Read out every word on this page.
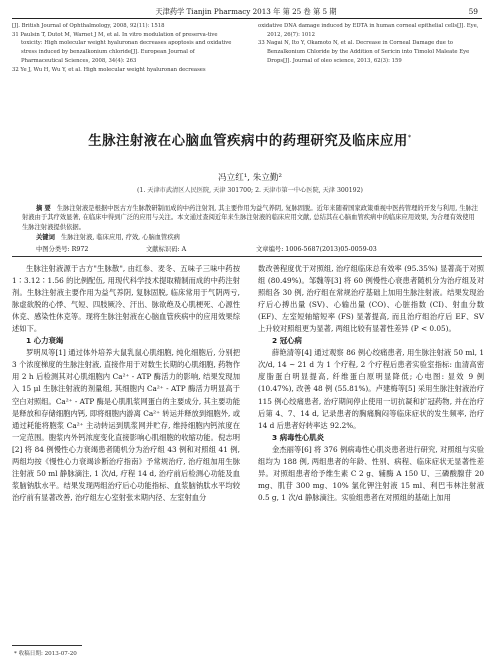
天津药学 Tianjin Pharmacy 2013 年 第 25 卷 第 5 期	59

[J]. British Journal of Ophthalmology, 2008, 92(11): 1518

31 Paulsin T, Dutot M, Warnet J M, et al. In vitro modulation of preserva-tive toxicity: High molecular weight hyaluronan decreases apoptosis and oxidative stress induced by benzalkonium chloride[J]. European Journal of Pharmaceutical Sciences, 2008, 34(4): 263

32 Ye J, Wu H, Wu Y, et al. High molecular weight hyaluronan decreases

oxidative DNA damage induced by EDTA in human corneal epithelial cells[J]. Eye, 2012, 26(7): 1012

33 Nagai N, Ito Y, Okamoto N, et al. Decrease in Corneal Damage due to Benzalkonium Chloride by the Addition of Sericin into Timolol Maleate Eye Drops[J]. Journal of oleo science, 2013, 62(3): 159

生脉注射液在心脑血管疾病中的药理研究及临床应用*
冯立红¹, 朱立勤²
(1. 天津市武清区人民医院, 天津 301700; 2. 天津市第一中心医院, 天津 300192)
摘 要 生脉注射液是根据中医古方生脉散研制而成的中药注射剂, 其主要作用为益气养阴, 复脉固脱。近年来随着国家政策重视中医药管理的开发与利用, 生脉注射液由于其疗效显著, 在临床中得到广泛的应用与关注。本文通过查阅近年来生脉注射液的临床应用文献, 总结其在心脑血管疾病中的临床应用效果, 为合理有效使用生脉注射液提供依据。
关键词 生脉注射液, 临床应用, 疗效, 心脑血管疾病
中图分类号: R972	文献标识码: A	文章编号: 1006-5687(2013)05-0059-03

生脉注射液源于古方"生脉散", 由红参、麦冬、五味子三味中药按 1∶3.12∶1.56 的比例配伍, 用现代科学技术提取精制而成的中药注射剂。生脉注射液主要作用为益气养阴, 复脉固脱, 临床常用于气阴两亏, 脉虚欲脱的心悸、气短、四肢厥冷、汗出、脉欲绝及心肌梗死、心源性休克、感染性休克等。现将生脉注射液在心脑血管疾病中的应用效果综述如下。

1 心力衰竭

罗明凤等[1] 通过体外培养大鼠乳鼠心肌细胞, 纯化细胞后, 分别把 3 个浓度梯度的生脉注射液, 直接作用于对数生长期的心肌细胞, 药物作用 2 h 后检测其对心肌细胞内 Ca²⁺ - ATP 酶活力的影响, 结果发现加入 15 μl 生脉注射液的剂量组, 其细胞内 Ca²⁺ - ATP 酶活力明显高于空白对照组。Ca²⁺ - ATP 酶是心肌肌浆网蛋白的主要成分, 其主要功能是释放和存储细胞内钙, 即将细胞内游离 Ca²⁺ 转运并释放到细胞外, 或通过耗能将胞浆 Ca²⁺ 主动转运到肌浆网并贮存, 维持细胞内钙浓度在一定范围。胞浆内外钙浓度变化直接影响心肌细胞的收缩功能。倪志明[2] 将 84 例慢性心力衰竭患者随机分为治疗组 43 例和对照组 41 例, 两组均按《慢性心力衰竭诊断治疗指南》予常规治疗, 治疗组加用生脉注射液 50 ml 静脉滴注, 1 次/d, 疗程 14 d, 治疗前后检测心功能及血浆脑钠肽水平。结果发现两组治疗后心功能指标、血浆脑钠肽水平均较治疗前有显著改善, 治疗组左心室射张末期内径、左室射血分

数改善程度优于对照组, 治疗组临床总有效率 (95.35%) 显著高于对照组 (80.49%)。邹魏等[3] 将 60 例慢性心衰患者随机分为治疗组及对照组各 30 例, 治疗组在常规治疗基础上加用生脉注射液。结果发现治疗后心搏出量 (SV)、心输出量 (CO)、心脏指数 (CI)、射血分数 (EF)、左室短轴缩短率 (FS) 显著提高, 而且治疗组治疗后 EF、SV 上升较对照组更为显著, 两组比较有显著性差异 (P < 0.05)。

2 冠心病

薛艳清等[4] 通过观察 86 例心绞痛患者, 用生脉注射液 50 ml, 1 次/d, 14 ~ 21 d 为 1 个疗程, 2 个疗程后患者实验室指标: 血清高密度脂蛋白明显提高, 纤维蛋白原明显降低; 心电图: 显效 9 例 (10.47%), 改善 48 例 (55.81%)。卢建梅等[5] 采用生脉注射液治疗 115 例心绞痛患者, 治疗期间停止使用一切抗凝和扩冠药物, 并在治疗后第 4、7、14 d, 记录患者的胸痛胸闷等临床症状的发生频率, 治疗 14 d 后患者好转率达 92.2%。

3 病毒性心肌炎

金杰丽等[6] 将 376 例病毒性心肌炎患者进行研究, 对照组与实验组均为 188 例, 两组患者的年龄、性别、病程、临床症状无显著性差异。对照组患者给予维生素 C 2 g、辅酶 A 150 U、三磷酸腺苷 20 mg、肌苷 300 mg、10% 氯化钾注射液 15 ml、利巴韦林注射液 0.5 g, 1 次/d 静脉滴注。实验组患者在对照组的基础上加用

* 收稿日期: 2013-07-20
